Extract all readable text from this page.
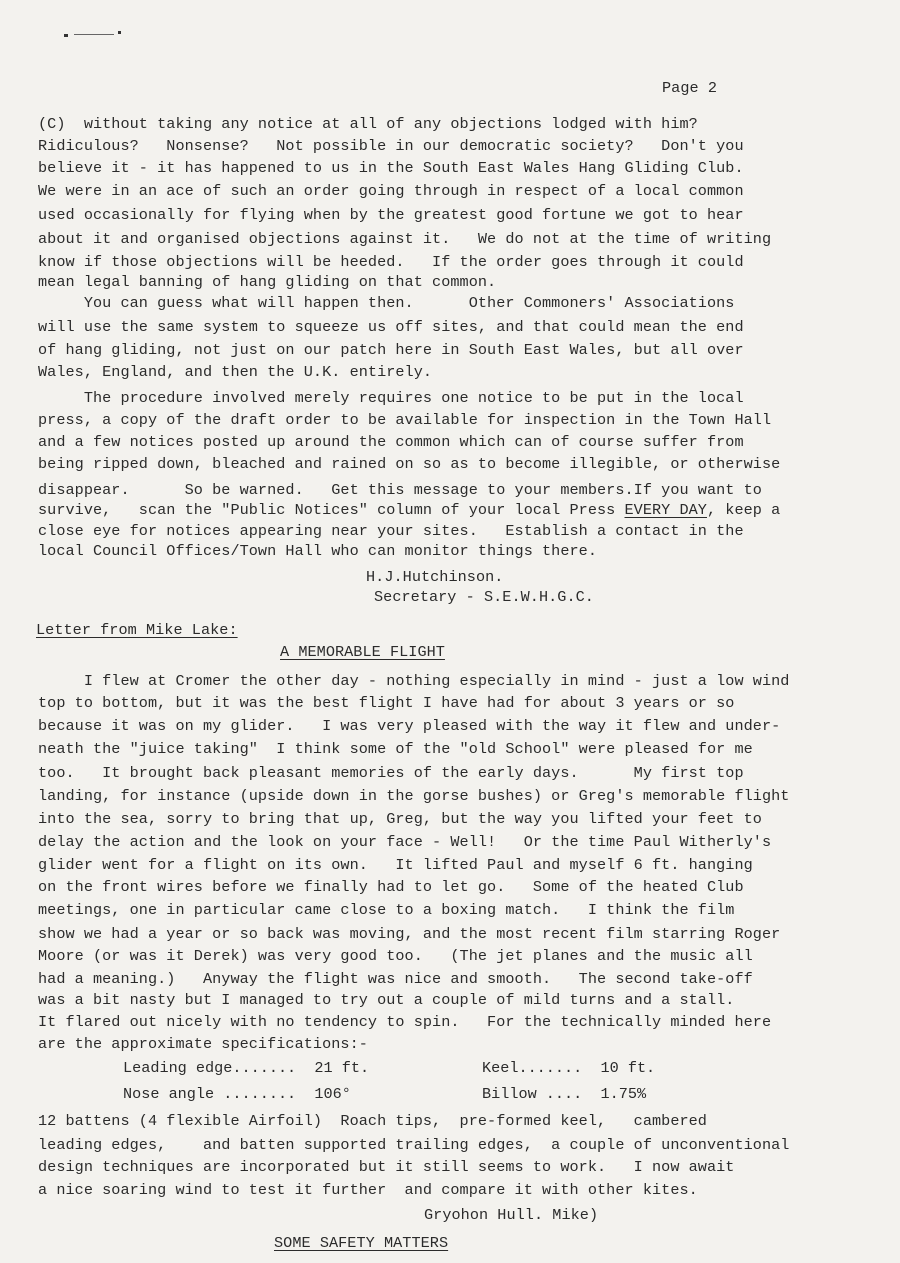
Page 2
(C)  without taking any notice at all of any objections lodged with him?
Ridiculous?   Nonsense?   Not possible in our democratic society?   Don't you
believe it - it has happened to us in the South East Wales Hang Gliding Club.
We were in an ace of such an order going through in respect of a local common
used occasionally for flying when by the greatest good fortune we got to hear
about it and organised objections against it.   We do not at the time of writing
know if those objections will be heeded.   If the order goes through it could
mean legal banning of hang gliding on that common.
You can guess what will happen then.      Other Commoners' Associations
will use the same system to squeeze us off sites, and that could mean the end
of hang gliding, not just on our patch here in South East Wales, but all over
Wales, England, and then the U.K. entirely.
The procedure involved merely requires one notice to be put in the local
press, a copy of the draft order to be available for inspection in the Town Hall
and a few notices posted up around the common which can of course suffer from
being ripped down, bleached and rained on so as to become illegible, or otherwise
disappear.      So be warned.   Get this message to your members.If you want to
survive,   scan the "Public Notices" column of your local Press EVERY DAY, keep a
close eye for notices appearing near your sites.   Establish a contact in the
local Council Offices/Town Hall who can monitor things there.
H.J.Hutchinson.
Secretary - S.E.W.H.G.C.
Letter from Mike Lake:
A MEMORABLE FLIGHT
I flew at Cromer the other day - nothing especially in mind - just a low wind
top to bottom, but it was the best flight I have had for about 3 years or so
because it was on my glider.   I was very pleased with the way it flew and under-
neath the "juice taking"  I think some of the "old School" were pleased for me
too.   It brought back pleasant memories of the early days.      My first top
landing, for instance (upside down in the gorse bushes) or Greg's memorable flight
into the sea, sorry to bring that up, Greg, but the way you lifted your feet to
delay the action and the look on your face - Well!   Or the time Paul Witherly's
glider went for a flight on its own.   It lifted Paul and myself 6 ft. hanging
on the front wires before we finally had to let go.   Some of the heated Club
meetings, one in particular came close to a boxing match.   I think the film
show we had a year or so back was moving, and the most recent film starring Roger
Moore (or was it Derek) was very good too.   (The jet planes and the music all
had a meaning.)   Anyway the flight was nice and smooth.   The second take-off
was a bit nasty but I managed to try out a couple of mild turns and a stall.
It flared out nicely with no tendency to spin.   For the technically minded here
are the approximate specifications:-
Leading edge.......  21 ft.	Keel.......  10 ft.
Nose angle ........  106°	Billow ....  1.75%
12 battens (4 flexible Airfoil)  Roach tips,  pre-formed keel,   cambered
leading edges,    and batten supported trailing edges,  a couple of unconventional
design techniques are incorporated but it still seems to work.   I now await
a nice soaring wind to test it further  and compare it with other kites.
Gryohon Hull. Mike)
SOME SAFETY MATTERS
